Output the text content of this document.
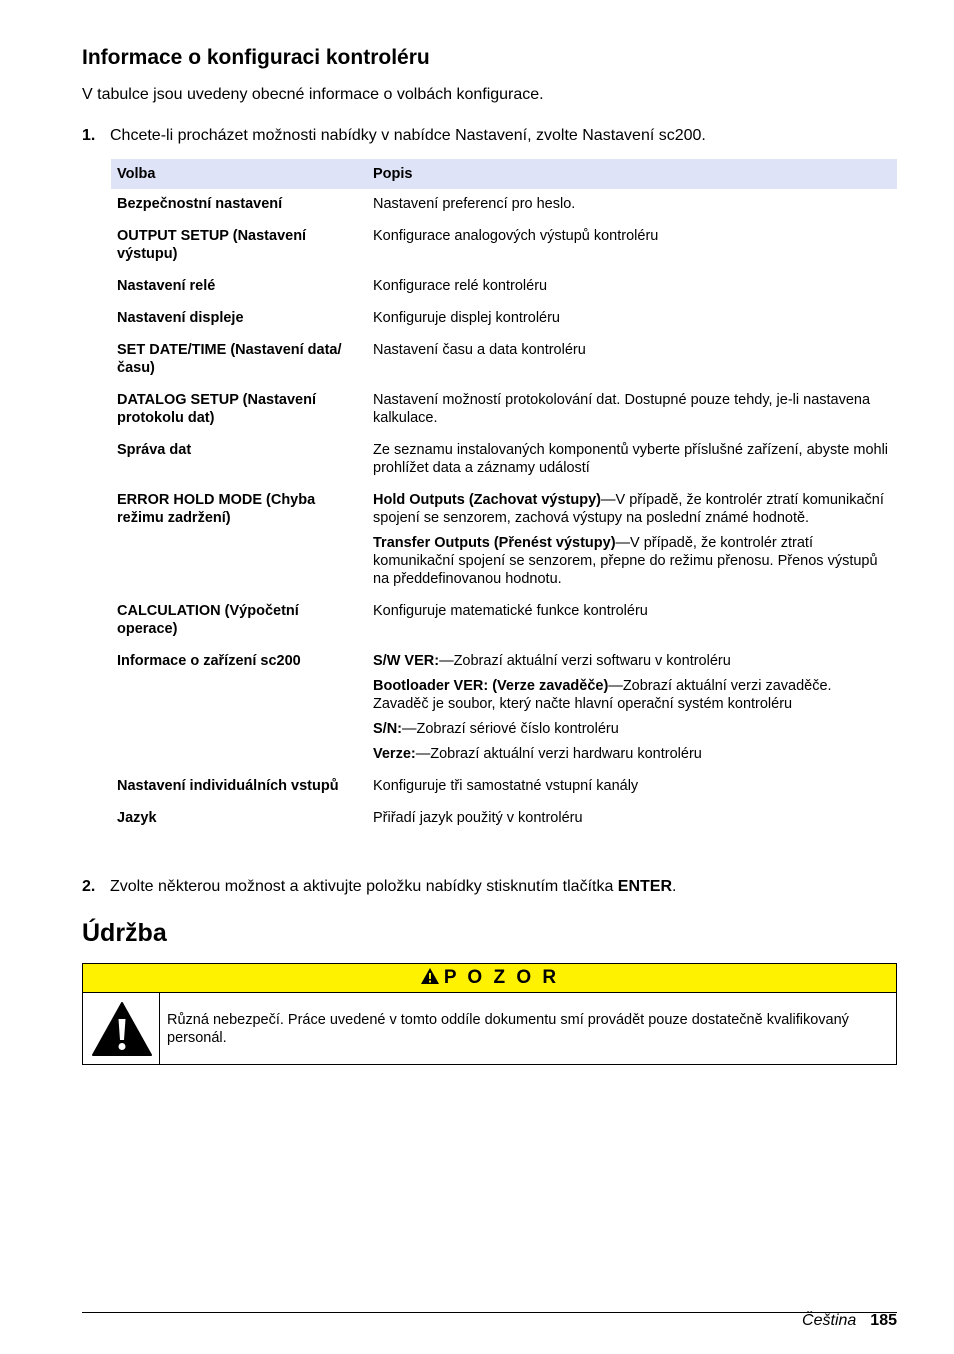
Informace o konfiguraci kontroléru

V tabulce jsou uvedeny obecné informace o volbách konfigurace.

1. Chcete-li procházet možnosti nabídky v nabídce Nastavení, zvolte Nastavení sc200.

Volba	Popis
Bezpečnostní nastavení	Nastavení preferencí pro heslo.

OUTPUT SETUP (Nastavení výstupu)	Konfigurace analogových výstupů kontroléru

Nastavení relé	Konfigurace relé kontroléru

Nastavení displeje	Konfiguruje displej kontroléru

SET DATE/TIME (Nastavení data/času)	Nastavení času a data kontroléru

DATALOG SETUP (Nastavení protokolu dat)	Nastavení možností protokolování dat. Dostupné pouze tehdy, je-li nastavena kalkulace.

Správa dat	Ze seznamu instalovaných komponentů vyberte příslušné zařízení, abyste mohli prohlížet data a záznamy událostí

ERROR HOLD MODE (Chyba režimu zadržení)	Hold Outputs (Zachovat výstupy)—V případě, že kontrolér ztratí komunikační spojení se senzorem, zachová výstupy na poslední známé hodnotě.

Transfer Outputs (Přenést výstupy)—V případě, že kontrolér ztratí komunikační spojení se senzorem, přepne do režimu přenosu. Přenos výstupů na předdefinovanou hodnotu.

CALCULATION (Výpočetní operace)	Konfiguruje matematické funkce kontroléru

Informace o zařízení sc200	S/W VER:—Zobrazí aktuální verzi softwaru v kontroléru

Bootloader VER: (Verze zavaděče)—Zobrazí aktuální verzi zavaděče. Zavaděč je soubor, který načte hlavní operační systém kontroléru

S/N:—Zobrazí sériové číslo kontroléru

Verze:—Zobrazí aktuální verzi hardwaru kontroléru

Nastavení individuálních vstupů	Konfiguruje tři samostatné vstupní kanály

Jazyk	Přiřadí jazyk použitý v kontroléru

2. Zvolte některou možnost a aktivujte položku nabídky stisknutím tlačítka ENTER.

Údržba
P O Z O R

Různá nebezpečí. Práce uvedené v tomto oddíle dokumentu smí provádět pouze dostatečně kvalifikovaný personál.

Čeština 185
